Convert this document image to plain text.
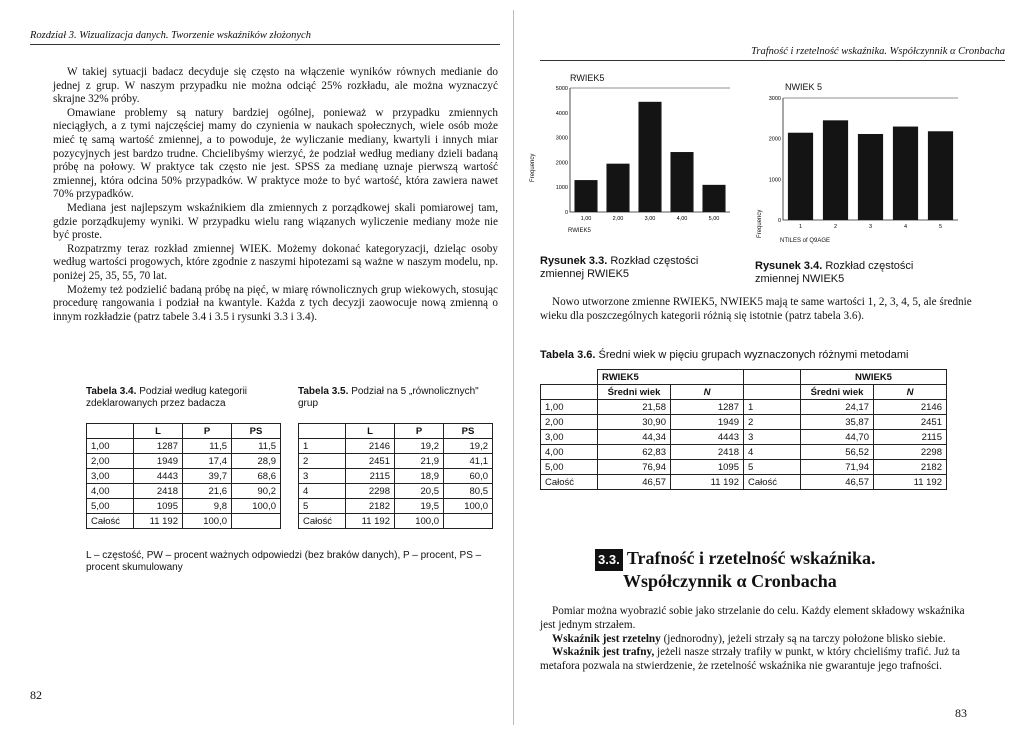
Rozdział 3. Wizualizacja danych. Tworzenie wskaźników złożonych

W takiej sytuacji badacz decyduje się często na włączenie wyników równych medianie do jednej z grup. W naszym przypadku nie można odciąć 25% rozkładu, ale można wyznaczyć skrajne 32% próby.

Omawiane problemy są natury bardziej ogólnej, ponieważ w przypadku zmiennych nieciągłych, a z tymi najczęściej mamy do czynienia w naukach społecznych, wiele osób może mieć tę samą wartość zmiennej, a to powoduje, że wyliczanie mediany, kwartyli i innych miar pozycyjnych jest bardzo trudne. Chcielibyśmy wierzyć, że podział według mediany dzieli badaną próbę na połowy. W praktyce tak często nie jest. SPSS za medianę uznaje pierwszą wartość zmiennej, która odcina 50% przypadków. W praktyce może to być wartość, która zawiera nawet 70% przypadków.

Mediana jest najlepszym wskaźnikiem dla zmiennych z porządkowej skali pomiarowej tam, gdzie porządkujemy wyniki. W przypadku wielu rang wiązanych wyliczenie mediany może nie być proste.

Rozpatrzmy teraz rozkład zmiennej WIEK. Możemy dokonać kategoryzacji, dzieląc osoby według wartości progowych, które zgodnie z naszymi hipotezami są ważne w naszym modelu, np. poniżej 25, 35, 55, 70 lat.

Możemy też podzielić badaną próbę na pięć, w miarę równolicznych grup wiekowych, stosując procedurę rangowania i podział na kwantyle. Każda z tych decyzji zaowocuje nową zmienną o innym rozkładzie (patrz tabele 3.4 i 3.5 i rysunki 3.3 i 3.4).

Tabela 3.4. Podział według kategorii zdeklarowanych przez badacza
	L	P	PS
1,00	1287	11,5	11,5
2,00	1949	17,4	28,9
3,00	4443	39,7	68,6
4,00	2418	21,6	90,2
5,00	1095	9,8	100,0
Całość	11 192	100,0	
Tabela 3.5. Podział na 5 „równolicznych" grup
	L	P	PS
1	2146	19,2	19,2
2	2451	21,9	41,1
3	2115	18,9	60,0
4	2298	20,5	80,5
5	2182	19,5	100,0
Całość	11 192	100,0	
L – częstość, PW – procent ważnych odpowiedzi (bez braków danych), P – procent, PS – procent skumulowany
82
Trafność i rzetelność wskaźnika. Współczynnik α Cronbacha
0
1000
2000
3000
4000
5000
1,00	2,00	3,00	4,00	5,00
RWIEK5
Frequency
RWIEK5
0
1000
2000
3000
1	2	3	4	5
NWIEK 5
Frequency
NTILES of Q9AGE
Rysunek 3.3. Rozkład częstości zmiennej RWIEK5
Rysunek 3.4. Rozkład częstości zmiennej NWIEK5

Nowo utworzone zmienne RWIEK5, NWIEK5 mają te same wartości 1, 2, 3, 4, 5, ale średnie wieku dla poszczególnych kategorii różnią się istotnie (patrz tabela 3.6).

Tabela 3.6. Średni wiek w pięciu grupach wyznaczonych różnymi metodami
	RWIEK5			NWIEK5	
	Średni wiek	N		Średni wiek	N
1,00	21,58	1287	1	24,17	2146
2,00	30,90	1949	2	35,87	2451
3,00	44,34	4443	3	44,70	2115
4,00	62,83	2418	4	56,52	2298
5,00	76,94	1095	5	71,94	2182
Całość	46,57	11 192	Całość	46,57	11 192
3.3. Trafność i rzetelność wskaźnika.
Współczynnik α Cronbacha

Pomiar można wyobrazić sobie jako strzelanie do celu. Każdy element składowy wskaźnika jest jednym strzałem.

Wskaźnik jest rzetelny (jednorodny), jeżeli strzały są na tarczy położone blisko siebie.

Wskaźnik jest trafny, jeżeli nasze strzały trafiły w punkt, w który chcieliśmy trafić. Już ta metafora pozwala na stwierdzenie, że rzetelność wskaźnika nie gwarantuje jego trafności.

83
